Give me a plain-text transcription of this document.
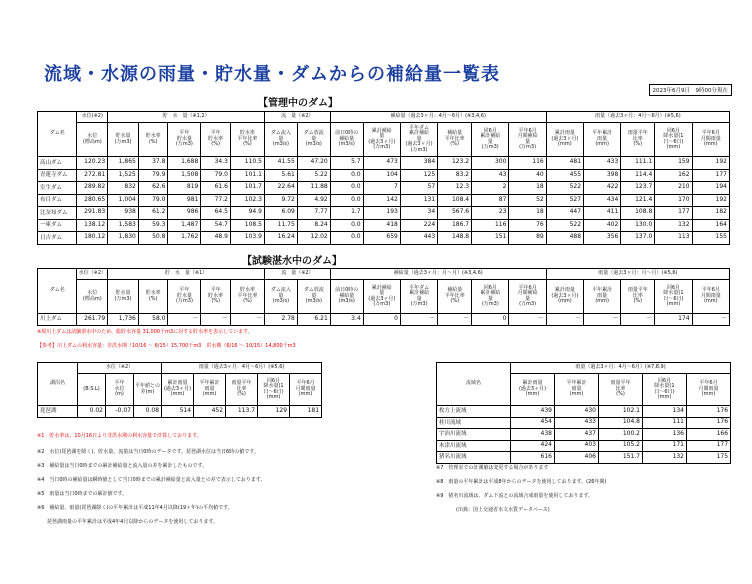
流域・水源の雨量・貯水量・ダムからの補給量一覧表
2023年6月9日　9時00分現在
【管理中のダム】
ダム名	水位(※2)	貯　水　量（※1,2）					流　量（※2）		補給量（過去3ヶ月：4月～6月）(※3,4,6)						雨量（過去3ヶ月：4月～6月）(※5,6)				
	水位
(標高m)	貯水量
(万m3)	貯水率
(%)	平年
貯水量
(万m3)	平年
貯水率
(%)	貯水率
平年比率
(%)	ダム流入
量
(m3/s)	ダム放流
量
(m3/s)	前日0時の
補給量
(m3/s)	累計補給
量
(過去3ヶ月)
(万m3)	平年ダム
累計補給
量
(過去3ヶ月)
(万m3)	補給量
平年比率
(%)	同6月
累計補給
量
(万m3)	平年6月
月間補給
量
(万m3)	累計雨量
(過去3ヶ月)
(mm)	平年累計
雨量
(mm)	雨量平年
比率
(%)	同6月
降水量(1
日～6日)
(mm)	平年6月
月間雨量
(mm)
高山ダム	120.23	1,865	37.8	1,688	34.3	110.5	41.55	47.20	5.7	473	384	123.2	300	116	481	433	111.1	159	192
青蓮寺ダム	272.81	1,525	79.9	1,508	79.0	101.1	5.61	5.22	0.0	104	125	83.2	43	40	455	398	114.4	162	177
室生ダム	289.82	832	62.6	819	61.6	101.7	22.64	11.88	0.0	7	57	12.3	2	18	522	422	123.7	210	194
布目ダム	280.65	1,004	79.0	981	77.2	102.3	9.72	4.92	0.0	142	131	108.4	87	52	527	434	121.4	170	192
比奈知ダム	291.83	938	61.2	986	64.5	94.9	6.09	7.77	1.7	193	34	567.6	23	18	447	411	108.8	177	182
一庫ダム	138.12	1,583	59.3	1,487	54.7	108.5	11.75	8.24	0.0	418	224	186.7	116	76	522	402	130.0	132	164
日吉ダム	180.12	1,830	50.8	1,762	48.9	103.9	16.24	12.02	0.0	659	443	148.8	151	89	488	356	137.0	113	155
【試験湛水中のダム】
ダム名	水位（※2）	貯　水　量（※1）					流　量（※2）		補給量（過去3ヶ月：月～月）(※3,4,6)						雨量（過去3ヶ月：月～月）(※5,6)				
	水位
(標高m)	貯水量
(万m3)	貯水率
(%)	平年
貯水量
(万m3)	平年
貯水率
(%)	貯水率
平年比率
(%)	ダム流入
量
(m3/s)	ダム放流
量
(m3/s)	前日0時の
補給量
(m3/s)	累計補給
量
(過去3ヶ月)
(万m3)	平年ダム
累計補給
量
(万m3)	補給量
平年比率
(%)	同6月
累計補給
量
(万m3)	平年6月
月間補給
量
(万m3)	累計雨量
(過去3ヶ月)
(mm)	平年累計
雨量
(mm)	雨量平年
比率
(%)	同6月
降水量(1
日～6日)
(mm)	平年6月
月間雨量
(mm)
川上ダム	261.79	1,736	58.0	－	－	－	2.78	6.21	3.4	0	－	－	0	－	－	－	－	174	－
※現川上ダムは試験湛水中のため、総貯水容量 31,000千m3に対する貯水率を表示しています。
【参考】川上ダムの利水容量：非洪水期（10/16 ～ 6/15）15,700千m3　洪水期（6/16 ～ 10/15）14,800千m3
湖沼名	水位（※2）			雨量（過去3ヶ月：4月～6月）(※5,6)				
	(B.S.L)	平年
水位
(m)	平年値との
差(m)	累計雨量
(過去3ヶ月)
(mm)	平年累計
雨量
(mm)	雨量平年
比率
(%)	同6月
降水量(1
日～6日)
(mm)	平年6月
月間雨量
(mm)
琵琶湖	0.02	-0.07	0.08	514	452	113.7	129	181
流域名	雨量（過去3ヶ月：4月～6月）(※7,8,9)				
	累計雨量
(過去3ヶ月)
(mm)	平年累計
雨量
(mm)	雨量平年
比率
(%)	同6月
降水量(1
日～6日)
(mm)	平年6月
月間雨量
(mm)
枚方上流域	439	430	102.1	134	176
桂川流域	454	433	104.8	111	176
宇治川流域	438	437	100.2	136	166
木津川流域	424	403	105.2	171	177
猪名川流域	616	406	151.7	132	175
※1　貯水率は、10月16日より非洪水期の利水容量で計算しております。
※2　水位(琵琶湖を除く)、貯水量、流量は当日0時のデータです。琵琶湖水位は当日6時の値です。
※3　補給量は当日0時までの累計補給量と流入量の差を累計したものです。
※4　当日0時の補給量は瞬時値として当日0時までの累計補給量と流入量との差で表示しております。
※5　雨量は当日0時までの累計値です。
※6　補給量、雨量(琵琶湖除く)の平年累計は平成11年4月以降(19ヶ年)の平均値です。
　　琵琶湖雨量の平年累計は平成4年4月以降からのデータを使用しております。
※7　管理室での計測値は変更する場合があります
※8　雨量の平年累計は平成8年からのデータを使用しております。(26年間)
※9　猪名川流域は、ダム下流との流域合成雨量を使用しております。
(出典：国土交通省水文水質データベース)
